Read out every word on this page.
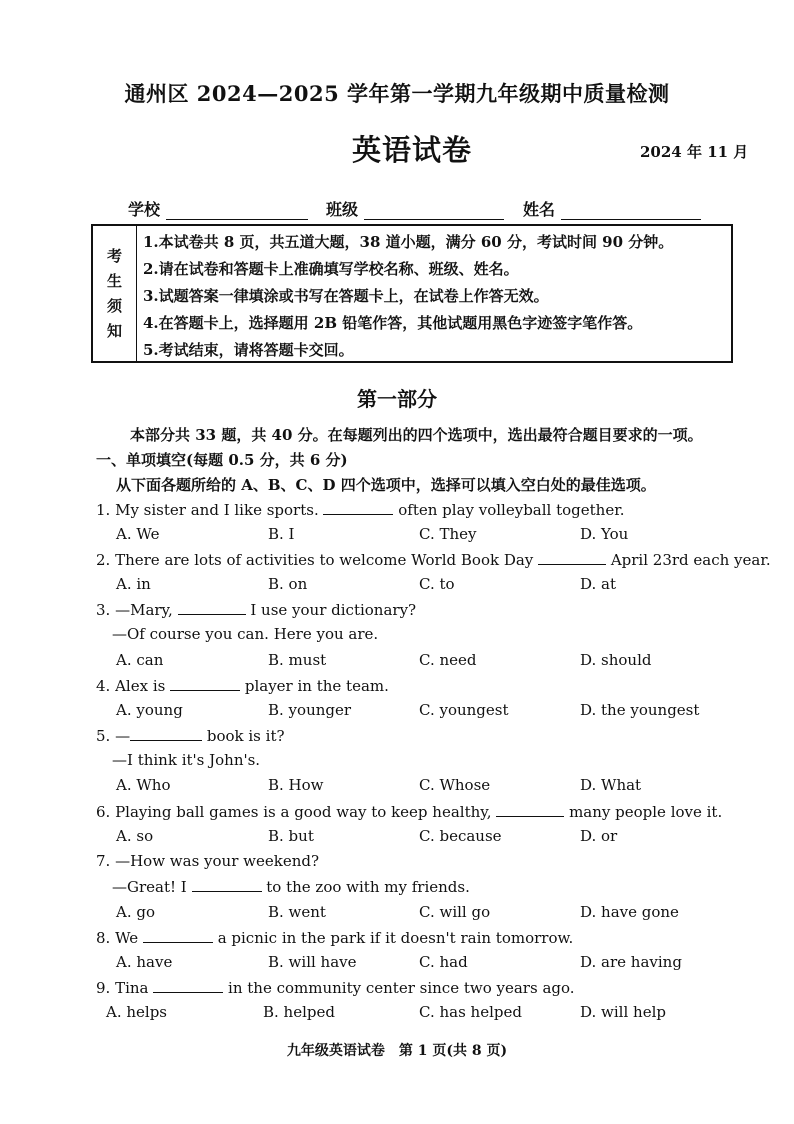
通州区 2024—2025 学年第一学期九年级期中质量检测
英语试卷	2024 年 11 月
学校	班级	姓名
考
生
须
知
1.本试卷共 8 页，共五道大题，38 道小题，满分 60 分，考试时间 90 分钟。
2.请在试卷和答题卡上准确填写学校名称、班级、姓名。
3.试题答案一律填涂或书写在答题卡上，在试卷上作答无效。
4.在答题卡上，选择题用 2B 铅笔作答，其他试题用黑色字迹签字笔作答。
5.考试结束，请将答题卡交回。
第一部分
本部分共 33 题，共 40 分。在每题列出的四个选项中，选出最符合题目要求的一项。
一、单项填空(每题 0.5 分，共 6 分)
从下面各题所给的 A、B、C、D 四个选项中，选择可以填入空白处的最佳选项。
1. My sister and I like sports.	often play volleyball together.
A. We	B. I	C. They	D. You
2. There are lots of activities to welcome World Book Day	April 23rd each year.
A. in	B. on	C. to	D. at
3. —Mary,	I use your dictionary?
—Of course you can. Here you are.
A. can	B. must	C. need	D. should
4. Alex is	player in the team.
A. young	B. younger	C. youngest	D. the youngest
5. —	book is it?
—I think it's John's.
A. Who	B. How	C. Whose	D. What
6. Playing ball games is a good way to keep healthy,	many people love it.
A. so	B. but	C. because	D. or
7. —How was your weekend?
—Great! I	to the zoo with my friends.
A. go	B. went	C. will go	D. have gone
8. We	a picnic in the park if it doesn't rain tomorrow.
A. have	B. will have	C. had	D. are having
9. Tina	in the community center since two years ago.
A. helps	B. helped	C. has helped	D. will help
九年级英语试卷　第 1 页(共 8 页)
